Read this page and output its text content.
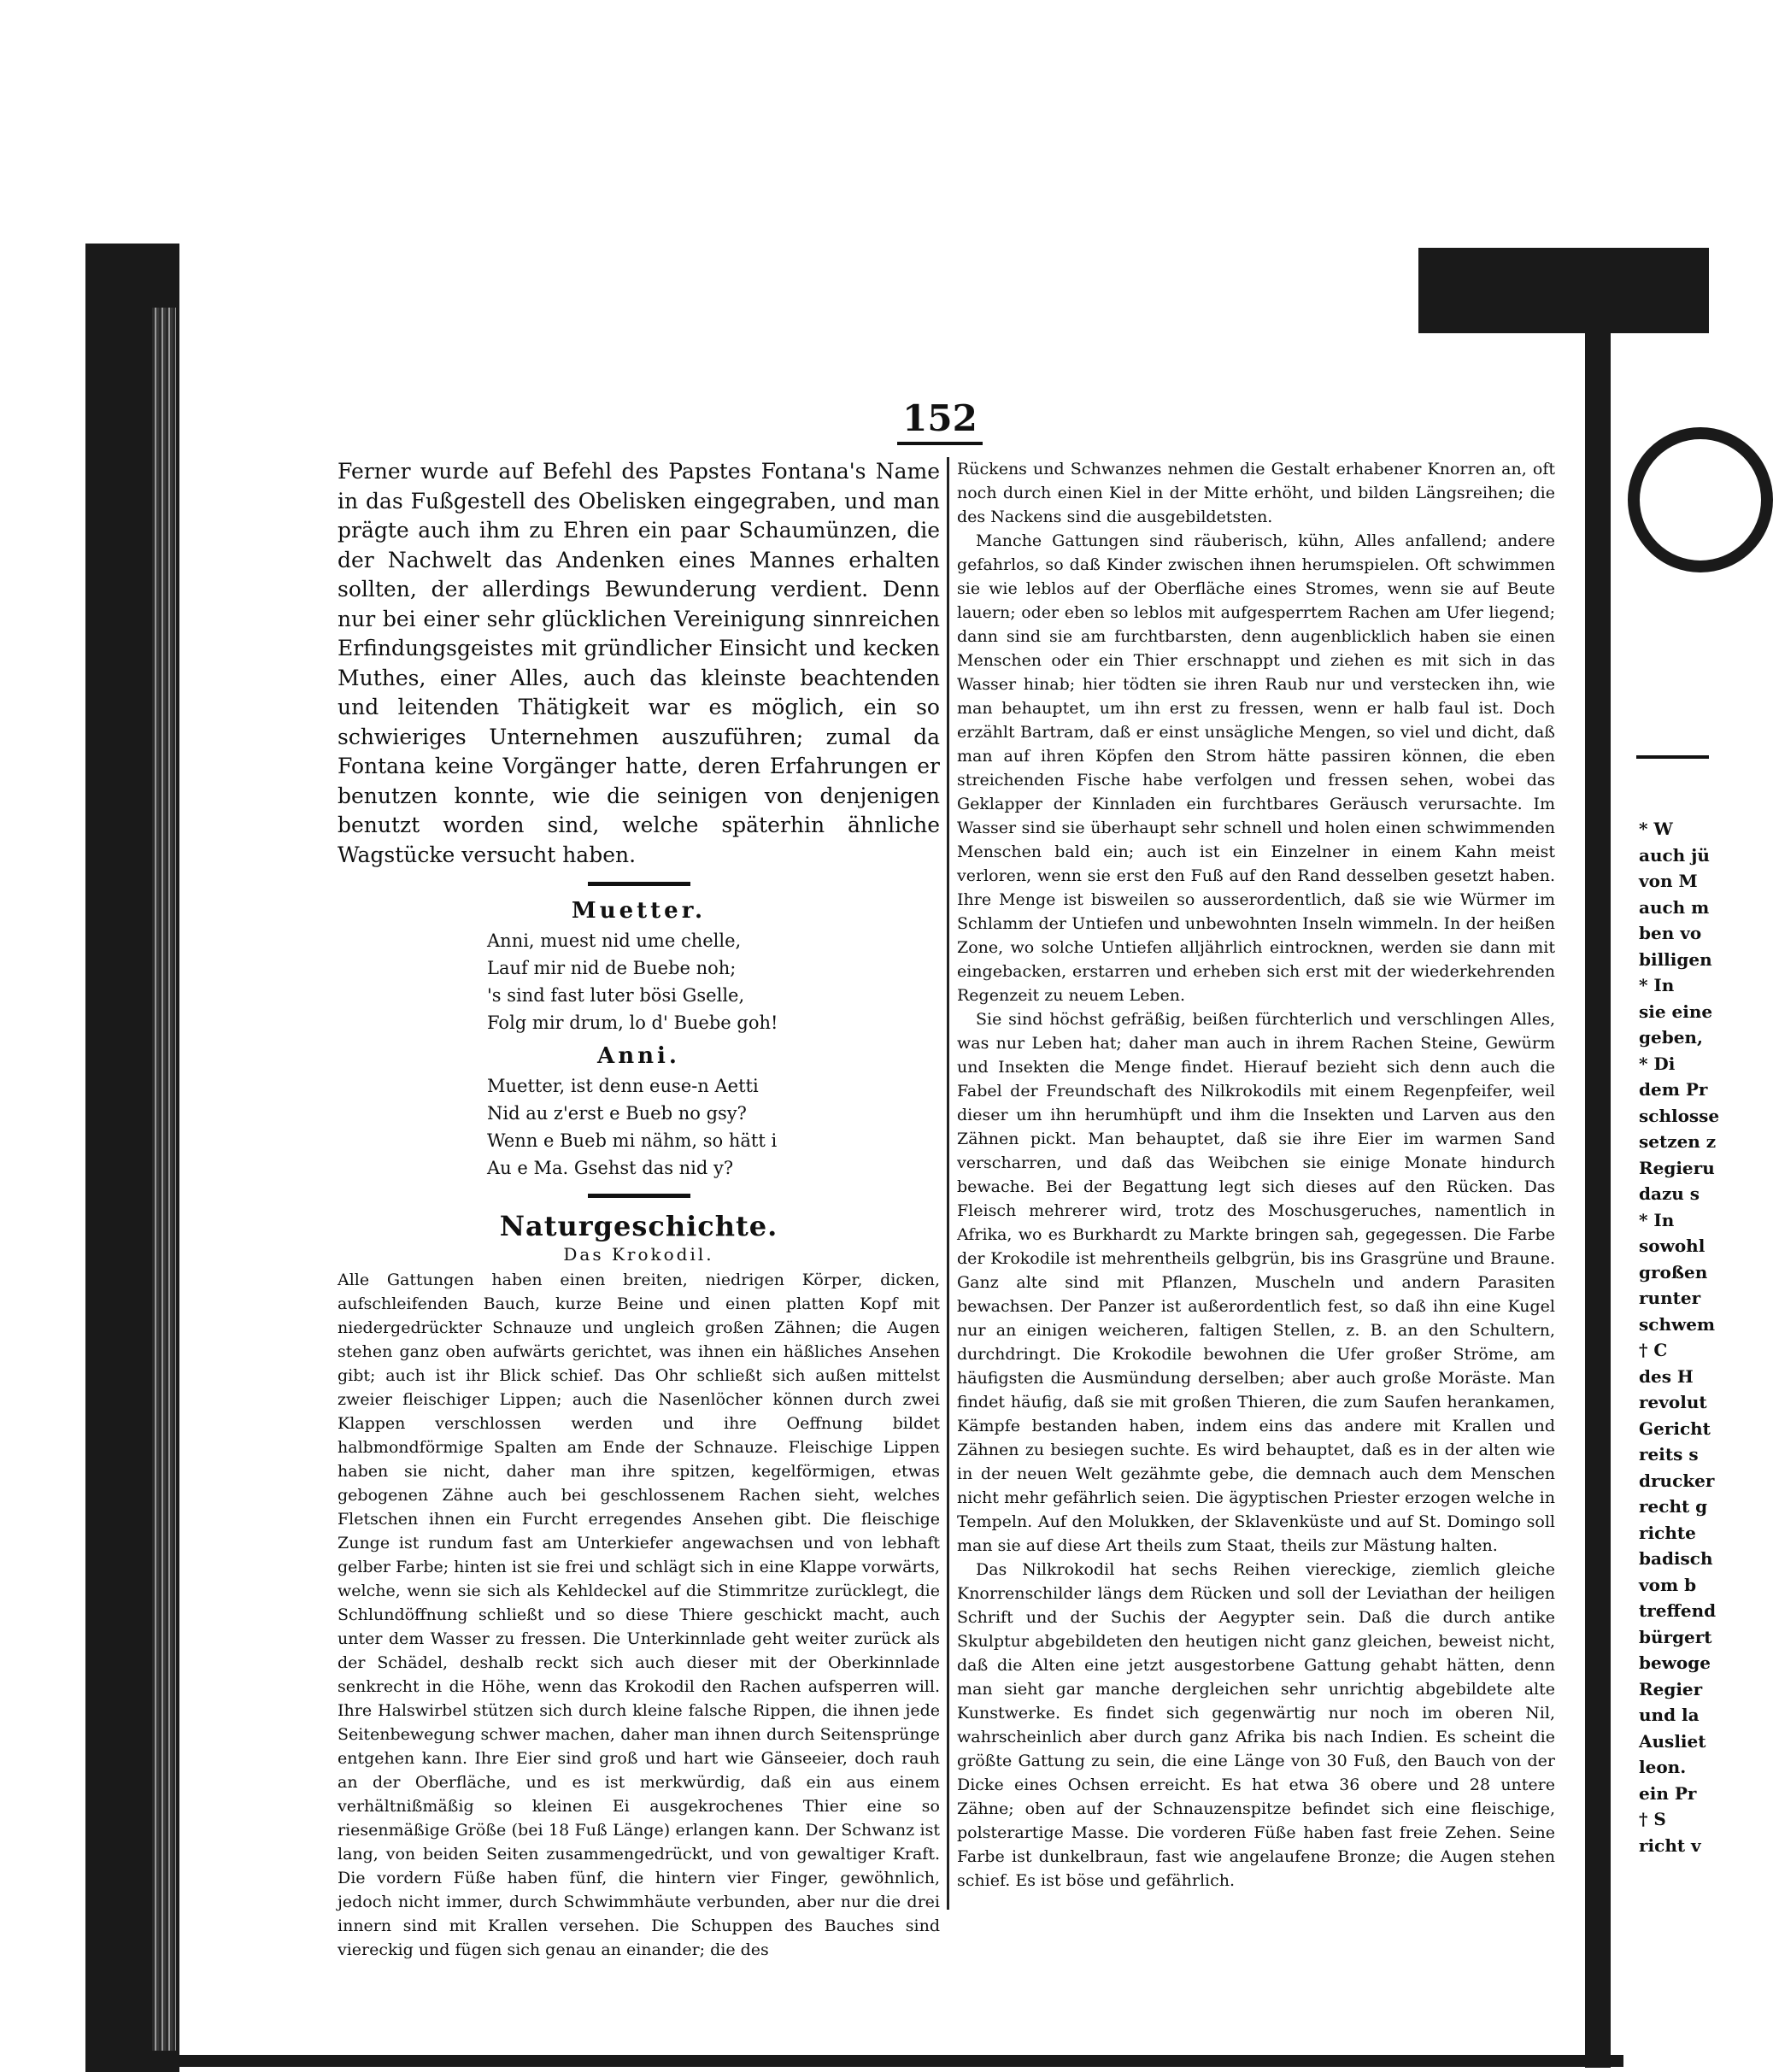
152

Ferner wurde auf Befehl des Papstes Fontana's Name in das Fußgestell des Obelisken eingegraben, und man prägte auch ihm zu Ehren ein paar Schaumünzen, die der Nachwelt das Andenken eines Mannes erhalten sollten, der allerdings Bewunderung verdient. Denn nur bei einer sehr glücklichen Vereinigung sinnreichen Erfindungsgeistes mit gründlicher Einsicht und kecken Muthes, einer Alles, auch das kleinste beachtenden und leitenden Thätigkeit war es möglich, ein so schwieriges Unternehmen auszuführen; zumal da Fontana keine Vorgänger hatte, deren Erfahrungen er benutzen konnte, wie die seinigen von denjenigen benutzt worden sind, welche späterhin ähnliche Wagstücke versucht haben.

Muetter.
Anni, muest nid ume chelle,
Lauf mir nid de Buebe noh;
's sind fast luter bösi Gselle,
Folg mir drum, lo d' Buebe goh!
Anni.
Muetter, ist denn euse-n Aetti
Nid au z'erst e Bueb no gsy?
Wenn e Bueb mi nähm, so hätt i
Au e Ma. Gsehst das nid y?
Naturgeschichte.
Das Krokodil.

Alle Gattungen haben einen breiten, niedrigen Körper, dicken, aufschleifenden Bauch, kurze Beine und einen platten Kopf mit niedergedrückter Schnauze und ungleich großen Zähnen; die Augen stehen ganz oben aufwärts gerichtet, was ihnen ein häßliches Ansehen gibt; auch ist ihr Blick schief. Das Ohr schließt sich außen mittelst zweier fleischiger Lippen; auch die Nasenlöcher können durch zwei Klappen verschlossen werden und ihre Oeffnung bildet halbmondförmige Spalten am Ende der Schnauze. Fleischige Lippen haben sie nicht, daher man ihre spitzen, kegelförmigen, etwas gebogenen Zähne auch bei geschlossenem Rachen sieht, welches Fletschen ihnen ein Furcht erregendes Ansehen gibt. Die fleischige Zunge ist rundum fast am Unterkiefer angewachsen und von lebhaft gelber Farbe; hinten ist sie frei und schlägt sich in eine Klappe vorwärts, welche, wenn sie sich als Kehldeckel auf die Stimmritze zurücklegt, die Schlundöffnung schließt und so diese Thiere geschickt macht, auch unter dem Wasser zu fressen. Die Unterkinnlade geht weiter zurück als der Schädel, deshalb reckt sich auch dieser mit der Oberkinnlade senkrecht in die Höhe, wenn das Krokodil den Rachen aufsperren will. Ihre Halswirbel stützen sich durch kleine falsche Rippen, die ihnen jede Seitenbewegung schwer machen, daher man ihnen durch Seitensprünge entgehen kann. Ihre Eier sind groß und hart wie Gänseeier, doch rauh an der Oberfläche, und es ist merkwürdig, daß ein aus einem verhältnißmäßig so kleinen Ei ausgekrochenes Thier eine so riesenmäßige Größe (bei 18 Fuß Länge) erlangen kann. Der Schwanz ist lang, von beiden Seiten zusammengedrückt, und von gewaltiger Kraft. Die vordern Füße haben fünf, die hintern vier Finger, gewöhnlich, jedoch nicht immer, durch Schwimmhäute verbunden, aber nur die drei innern sind mit Krallen versehen. Die Schuppen des Bauches sind viereckig und fügen sich genau an einander; die des

Rückens und Schwanzes nehmen die Gestalt erhabener Knorren an, oft noch durch einen Kiel in der Mitte erhöht, und bilden Längsreihen; die des Nackens sind die ausgebildetsten.

Manche Gattungen sind räuberisch, kühn, Alles anfallend; andere gefahrlos, so daß Kinder zwischen ihnen herumspielen. Oft schwimmen sie wie leblos auf der Oberfläche eines Stromes, wenn sie auf Beute lauern; oder eben so leblos mit aufgesperrtem Rachen am Ufer liegend; dann sind sie am furchtbarsten, denn augenblicklich haben sie einen Menschen oder ein Thier erschnappt und ziehen es mit sich in das Wasser hinab; hier tödten sie ihren Raub nur und verstecken ihn, wie man behauptet, um ihn erst zu fressen, wenn er halb faul ist. Doch erzählt Bartram, daß er einst unsägliche Mengen, so viel und dicht, daß man auf ihren Köpfen den Strom hätte passiren können, die eben streichenden Fische habe verfolgen und fressen sehen, wobei das Geklapper der Kinnladen ein furchtbares Geräusch verursachte. Im Wasser sind sie überhaupt sehr schnell und holen einen schwimmenden Menschen bald ein; auch ist ein Einzelner in einem Kahn meist verloren, wenn sie erst den Fuß auf den Rand desselben gesetzt haben. Ihre Menge ist bisweilen so ausserordentlich, daß sie wie Würmer im Schlamm der Untiefen und unbewohnten Inseln wimmeln. In der heißen Zone, wo solche Untiefen alljährlich eintrocknen, werden sie dann mit eingebacken, erstarren und erheben sich erst mit der wiederkehrenden Regenzeit zu neuem Leben.

Sie sind höchst gefräßig, beißen fürchterlich und verschlingen Alles, was nur Leben hat; daher man auch in ihrem Rachen Steine, Gewürm und Insekten die Menge findet. Hierauf bezieht sich denn auch die Fabel der Freundschaft des Nilkrokodils mit einem Regenpfeifer, weil dieser um ihn herumhüpft und ihm die Insekten und Larven aus den Zähnen pickt. Man behauptet, daß sie ihre Eier im warmen Sand verscharren, und daß das Weibchen sie einige Monate hindurch bewache. Bei der Begattung legt sich dieses auf den Rücken. Das Fleisch mehrerer wird, trotz des Moschusgeruches, namentlich in Afrika, wo es Burkhardt zu Markte bringen sah, gegegessen. Die Farbe der Krokodile ist mehrentheils gelbgrün, bis ins Grasgrüne und Braune. Ganz alte sind mit Pflanzen, Muscheln und andern Parasiten bewachsen. Der Panzer ist außerordentlich fest, so daß ihn eine Kugel nur an einigen weicheren, faltigen Stellen, z. B. an den Schultern, durchdringt. Die Krokodile bewohnen die Ufer großer Ströme, am häufigsten die Ausmündung derselben; aber auch große Moräste. Man findet häufig, daß sie mit großen Thieren, die zum Saufen herankamen, Kämpfe bestanden haben, indem eins das andere mit Krallen und Zähnen zu besiegen suchte. Es wird behauptet, daß es in der alten wie in der neuen Welt gezähmte gebe, die demnach auch dem Menschen nicht mehr gefährlich seien. Die ägyptischen Priester erzogen welche in Tempeln. Auf den Molukken, der Sklavenküste und auf St. Domingo soll man sie auf diese Art theils zum Staat, theils zur Mästung halten.

Das Nilkrokodil hat sechs Reihen viereckige, ziemlich gleiche Knorrenschilder längs dem Rücken und soll der Leviathan der heiligen Schrift und der Suchis der Aegypter sein. Daß die durch antike Skulptur abgebildeten den heutigen nicht ganz gleichen, beweist nicht, daß die Alten eine jetzt ausgestorbene Gattung gehabt hätten, denn man sieht gar manche dergleichen sehr unrichtig abgebildete alte Kunstwerke. Es findet sich gegenwärtig nur noch im oberen Nil, wahrscheinlich aber durch ganz Afrika bis nach Indien. Es scheint die größte Gattung zu sein, die eine Länge von 30 Fuß, den Bauch von der Dicke eines Ochsen erreicht. Es hat etwa 36 obere und 28 untere Zähne; oben auf der Schnauzenspitze befindet sich eine fleischige, polsterartige Masse. Die vorderen Füße haben fast freie Zehen. Seine Farbe ist dunkelbraun, fast wie angelaufene Bronze; die Augen stehen schief. Es ist böse und gefährlich.

* W
auch jü
von M
auch m
ben vo
billigen
* In
sie eine
geben,
* Di
dem Pr
schlosse
setzen z
Regieru
dazu s
* In
sowohl
großen
runter
schwem
† C
des H
revolut
Gericht
reits s
drucker
recht g
richte
badisch
vom b
treffend
bürgert
bewoge
Regier
und la
Ausliet
leon.
ein Pr
† S
richt v
